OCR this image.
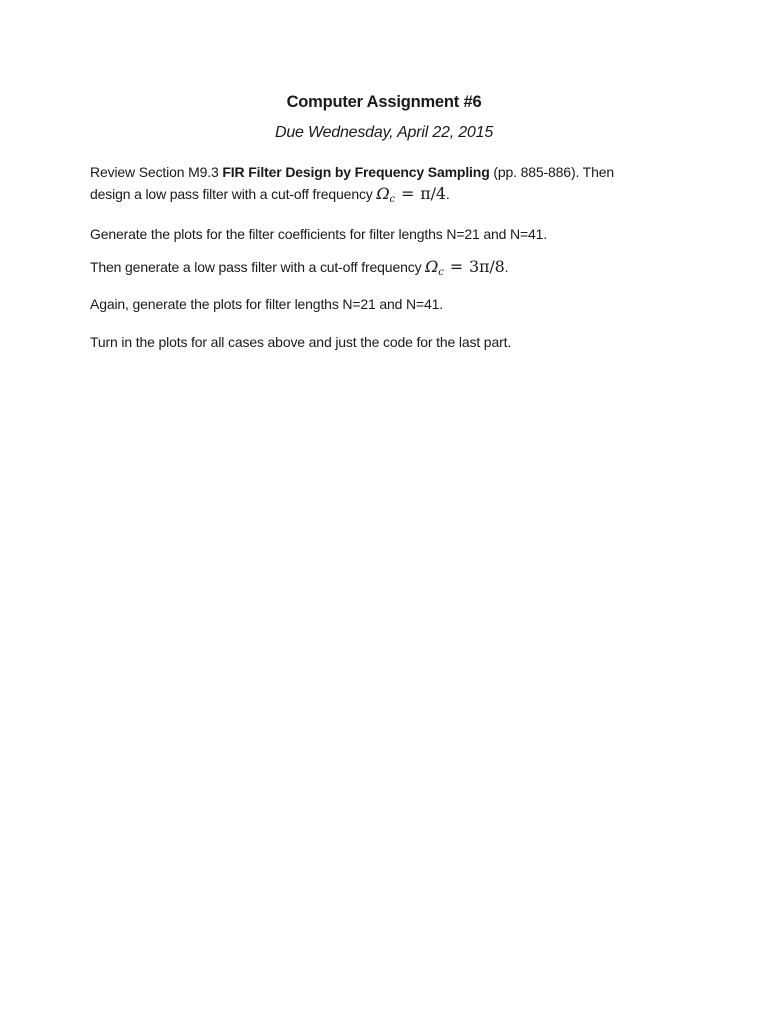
Computer Assignment #6
Due Wednesday, April 22, 2015
Review Section M9.3 FIR Filter Design by Frequency Sampling (pp. 885-886). Then
design a low pass filter with a cut-off frequency $\Omega_c = \pi/4$.
Generate the plots for the filter coefficients for filter lengths N=21 and N=41.
Then generate a low pass filter with a cut-off frequency $\Omega_c = 3\pi/8$.
Again, generate the plots for filter lengths N=21 and N=41.
Turn in the plots for all cases above and just the code for the last part.
